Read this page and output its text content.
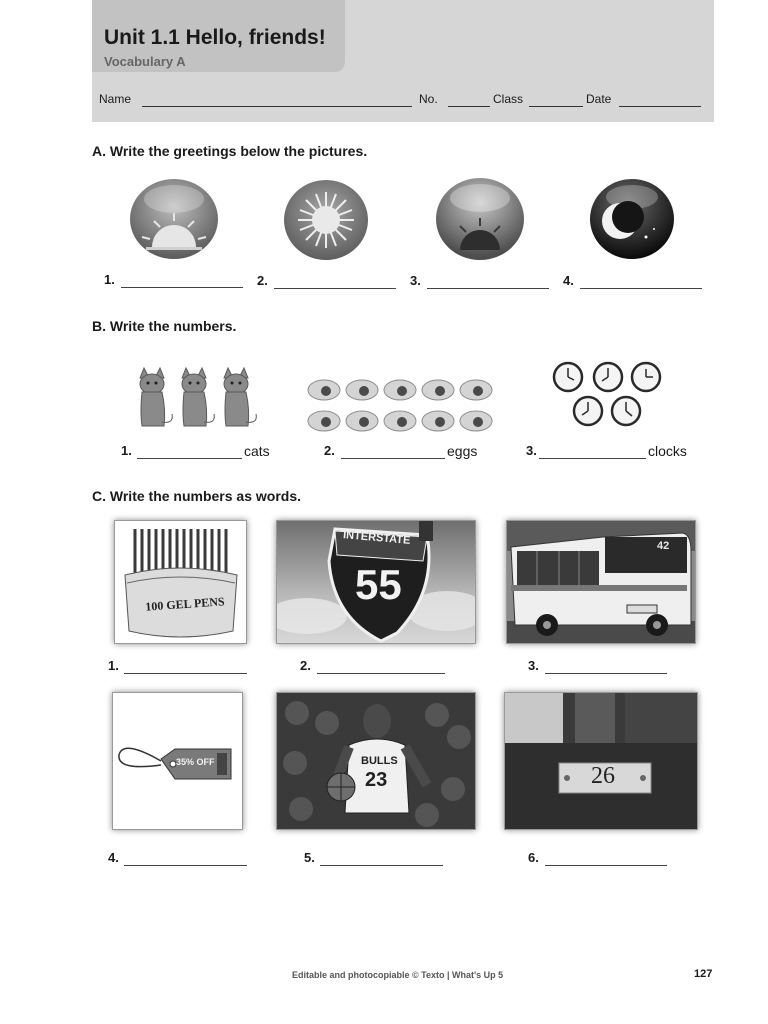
Unit 1.1 Hello, friends!
Vocabulary A
Name	No.	Class	Date
A. Write the greetings below the pictures.
1.	2.	3.	4.
B. Write the numbers.
1.	cats	2.	eggs	3.	clocks
C. Write the numbers as words.
100 GEL PENS
INTERSTATE
55
42
35% OFF	BULLS
23	26
1.	2.	3.
4.	5.	6.
Editable and photocopiable © Texto | What's Up 5	127
